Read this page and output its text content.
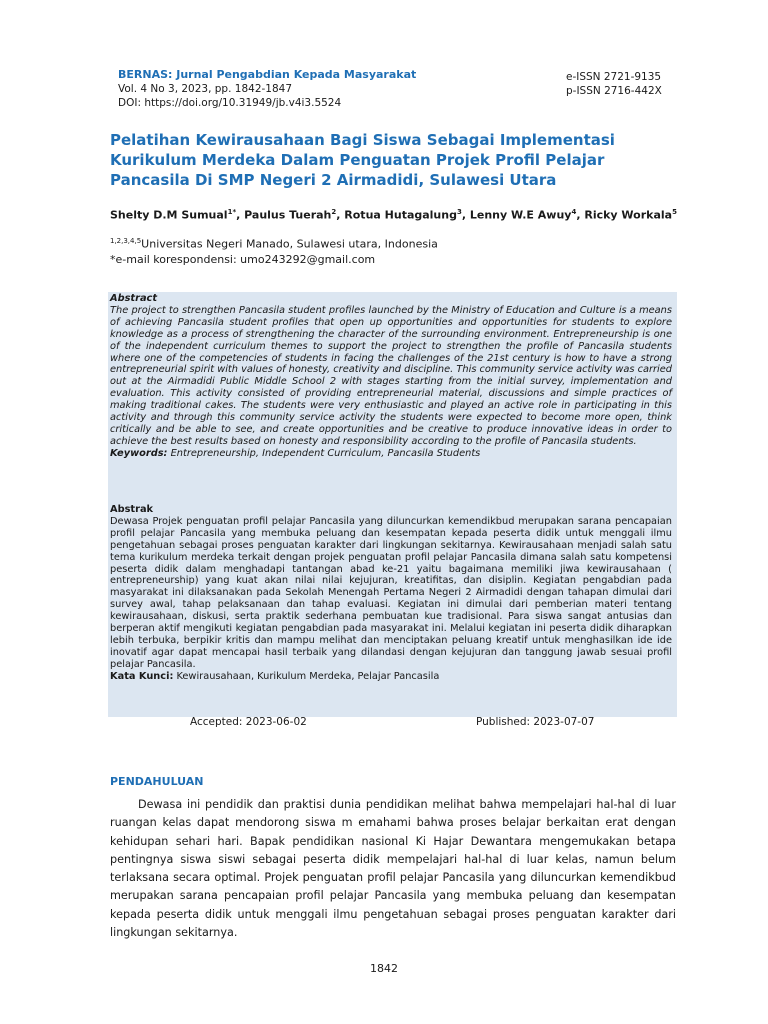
BERNAS: Jurnal Pengabdian Kepada Masyarakat
Vol. 4 No 3, 2023, pp. 1842-1847
DOI: https://doi.org/10.31949/jb.v4i3.5524
e-ISSN 2721-9135
p-ISSN 2716-442X
Pelatihan Kewirausahaan Bagi Siswa Sebagai Implementasi Kurikulum Merdeka Dalam Penguatan Projek Profil Pelajar Pancasila Di SMP Negeri 2 Airmadidi, Sulawesi Utara
Shelty D.M Sumual$^{1*}$, Paulus Tuerah$^2$, Rotua Hutagalung$^3$, Lenny W.E Awuy$^4$, Ricky Workala$^5$
$^{1,2,3,4,5}$Universitas Negeri Manado, Sulawesi utara, Indonesia
*e-mail korespondensi: umo243292@gmail.com
Abstract
The project to strengthen Pancasila student profiles launched by the Ministry of Education and Culture is a means of achieving Pancasila student profiles that open up opportunities and opportunities for students to explore knowledge as a process of strengthening the character of the surrounding environment. Entrepreneurship is one of the independent curriculum themes to support the project to strengthen the profile of Pancasila students where one of the competencies of students in facing the challenges of the 21st century is how to have a strong entrepreneurial spirit with values of honesty, creativity and discipline. This community service activity was carried out at the Airmadidi Public Middle School 2 with stages starting from the initial survey, implementation and evaluation. This activity consisted of providing entrepreneurial material, discussions and simple practices of making traditional cakes. The students were very enthusiastic and played an active role in participating in this activity and through this community service activity the students were expected to become more open, think critically and be able to see, and create opportunities and be creative to produce innovative ideas in order to achieve the best results based on honesty and responsibility according to the profile of Pancasila students.
Keywords: Entrepreneurship, Independent Curriculum, Pancasila Students
Abstrak
Dewasa Projek penguatan profil pelajar Pancasila yang diluncurkan kemendikbud merupakan sarana pencapaian profil pelajar Pancasila yang membuka peluang dan kesempatan kepada peserta didik untuk menggali ilmu pengetahuan sebagai proses penguatan karakter dari lingkungan sekitarnya. Kewirausahaan menjadi salah satu tema kurikulum merdeka terkait dengan projek penguatan profil pelajar Pancasila dimana salah satu kompetensi peserta didik dalam menghadapi tantangan abad ke-21 yaitu bagaimana memiliki jiwa kewirausahaan ( entrepreneurship) yang kuat akan nilai nilai kejujuran, kreatifitas, dan disiplin. Kegiatan pengabdian pada masyarakat ini dilaksanakan pada Sekolah Menengah Pertama Negeri 2 Airmadidi dengan tahapan dimulai dari survey awal, tahap pelaksanaan dan tahap evaluasi. Kegiatan ini dimulai dari pemberian materi tentang kewirausahaan, diskusi, serta praktik sederhana pembuatan kue tradisional. Para siswa sangat antusias dan berperan aktif mengikuti kegiatan pengabdian pada masyarakat ini. Melalui kegiatan ini peserta didik diharapkan lebih terbuka, berpikir kritis dan mampu melihat dan menciptakan peluang kreatif untuk menghasilkan ide ide inovatif agar dapat mencapai hasil terbaik yang dilandasi dengan kejujuran dan tanggung jawab sesuai profil pelajar Pancasila.
Kata Kunci: Kewirausahaan, Kurikulum Merdeka, Pelajar Pancasila
Accepted: 2023-06-02	Published: 2023-07-07
PENDAHULUAN

Dewasa ini pendidik dan praktisi dunia pendidikan melihat bahwa mempelajari hal-hal di luar ruangan kelas dapat mendorong siswa m emahami bahwa proses belajar berkaitan erat dengan kehidupan sehari hari. Bapak pendidikan nasional Ki Hajar Dewantara mengemukakan betapa pentingnya siswa siswi sebagai peserta didik mempelajari hal-hal di luar kelas, namun belum terlaksana secara optimal. Projek penguatan profil pelajar Pancasila yang diluncurkan kemendikbud merupakan sarana pencapaian profil pelajar Pancasila yang membuka peluang dan kesempatan kepada peserta didik untuk menggali ilmu pengetahuan sebagai proses penguatan karakter dari lingkungan sekitarnya.

1842
